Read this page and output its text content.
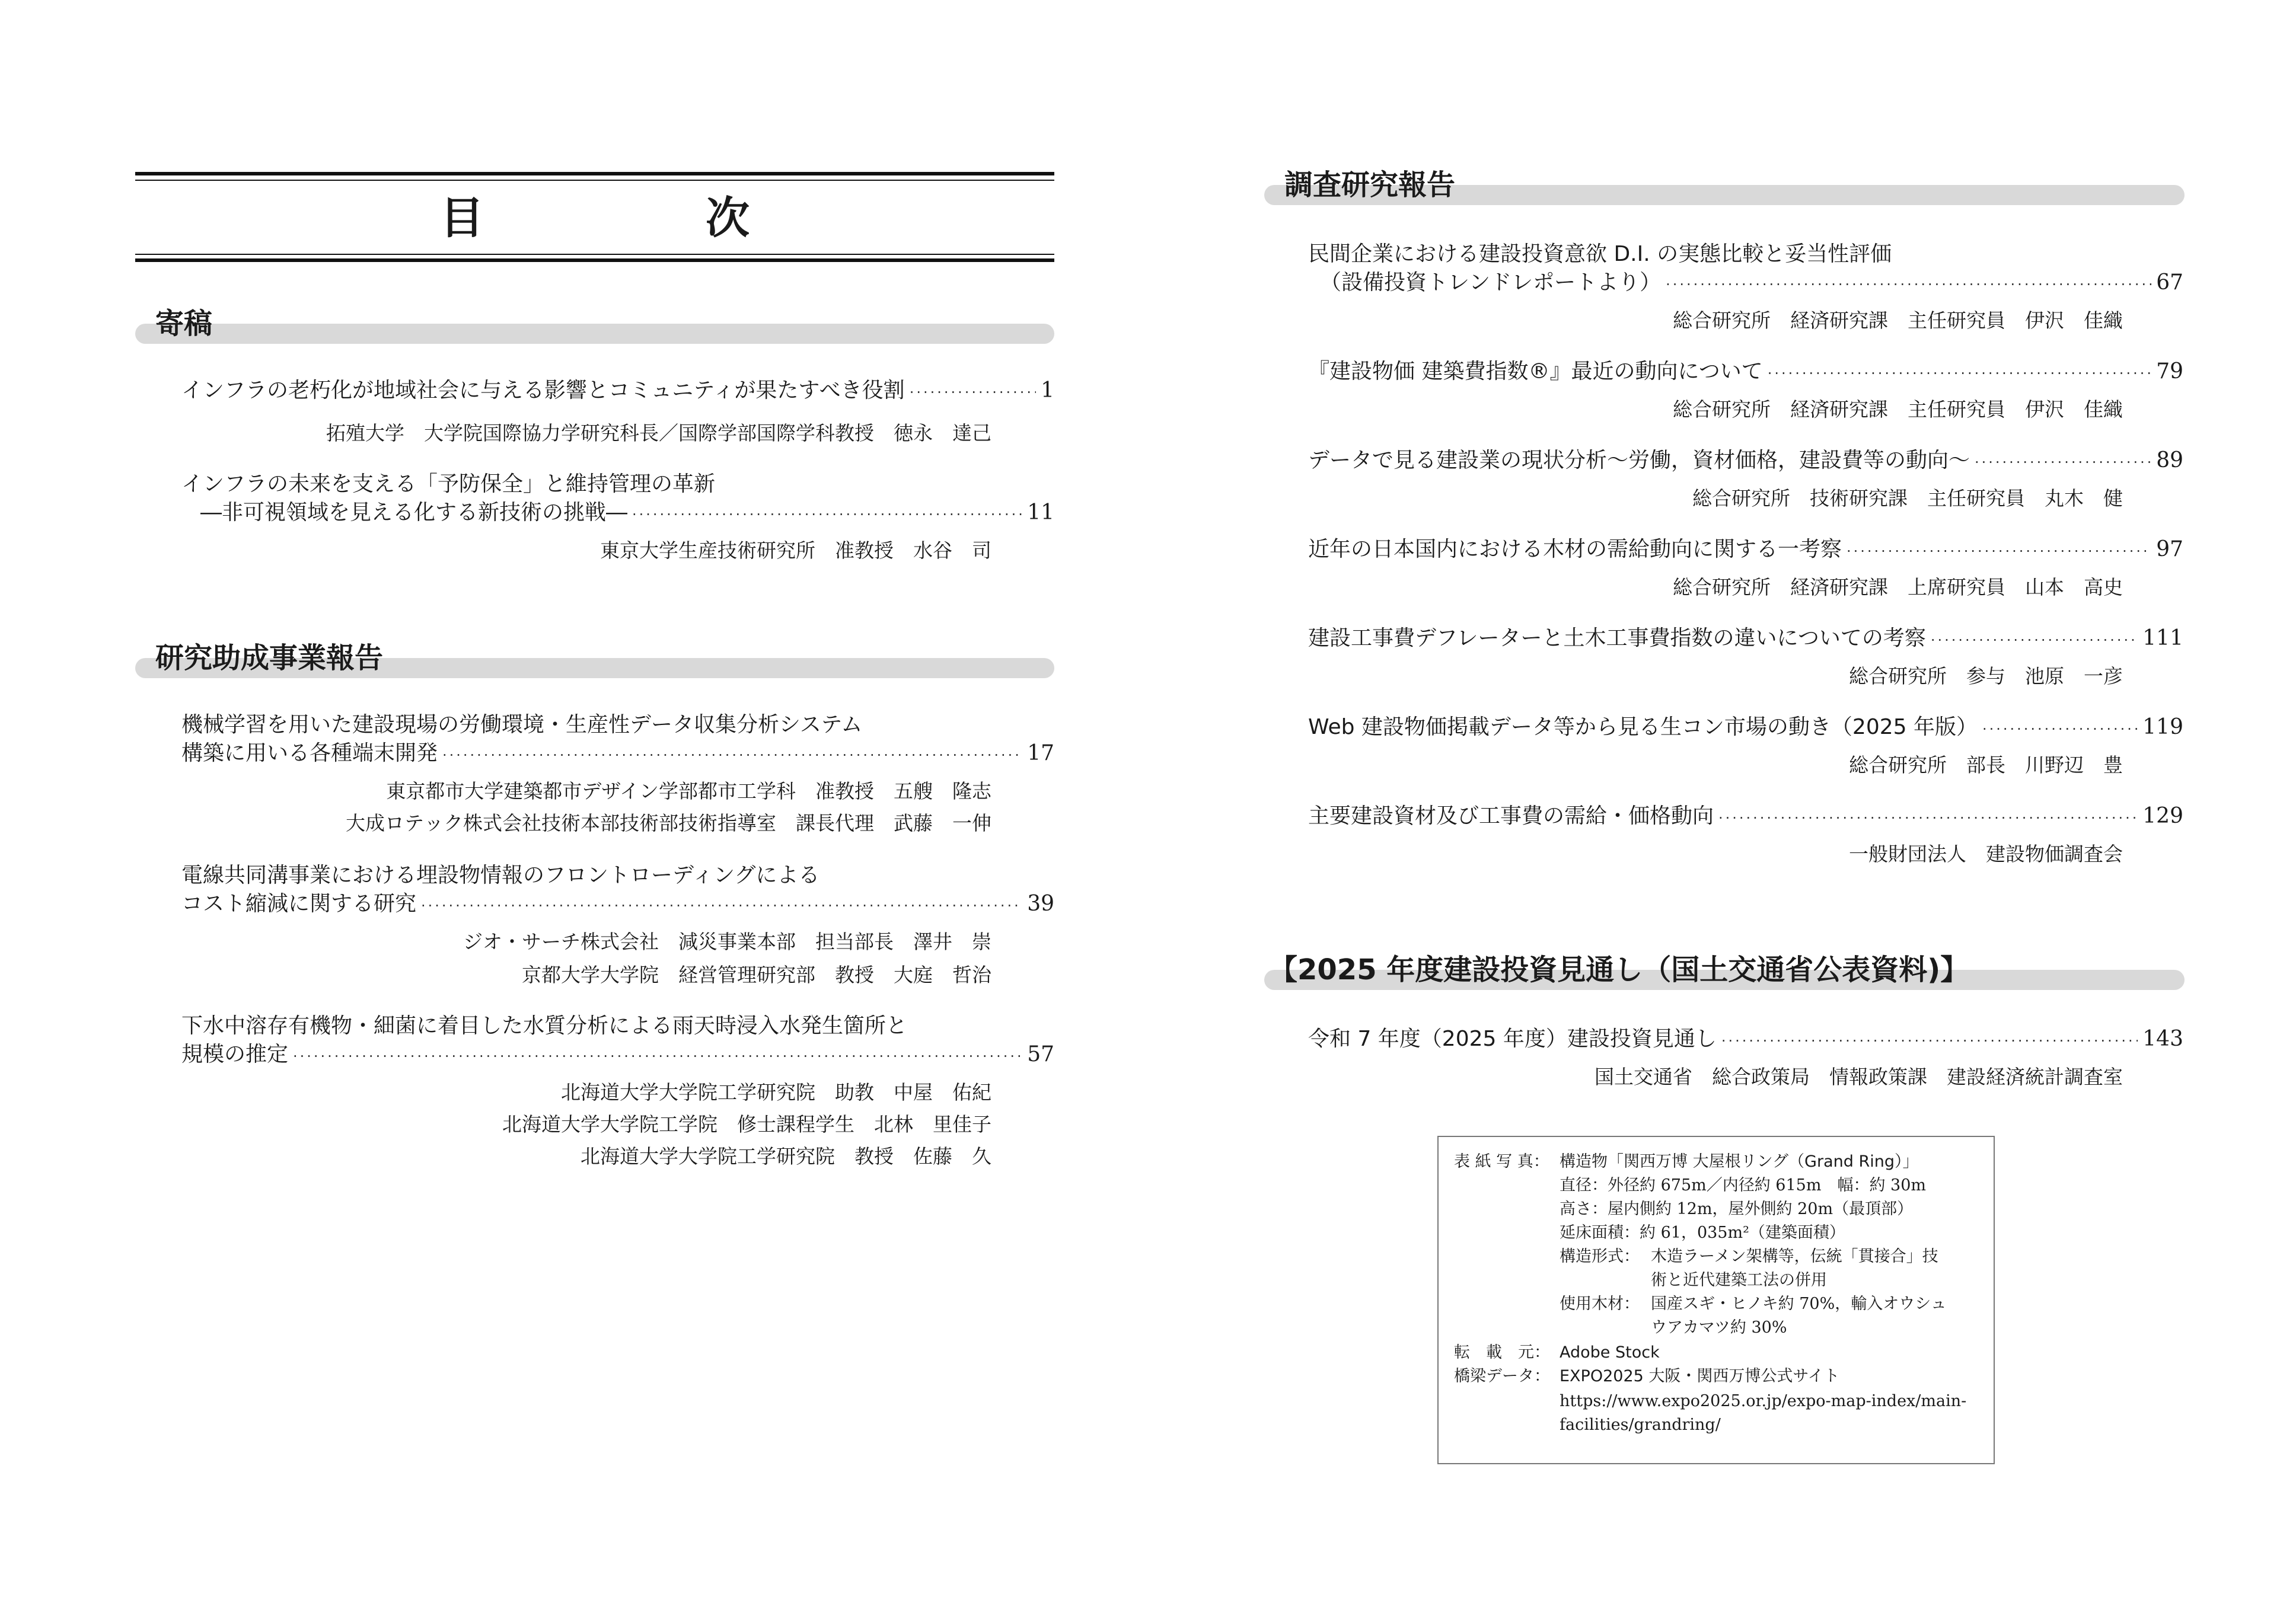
目　次
寄稿
インフラの老朽化が地域社会に与える影響とコミュニティが果たすべき役割 ·····	1
拓殖大学　大学院国際協力学研究科長／国際学部国際学科教授　徳永　達己
インフラの未来を支える「予防保全」と維持管理の革新
―非可視領域を見える化する新技術の挑戦― ·····	11
東京大学生産技術研究所　准教授　水谷　司
研究助成事業報告
機械学習を用いた建設現場の労働環境・生産性データ収集分析システム
構築に用いる各種端末開発 ·····	17
東京都市大学建築都市デザイン学部都市工学科　准教授　五艘　隆志
大成ロテック株式会社技術本部技術部技術指導室　課長代理　武藤　一伸
電線共同溝事業における埋設物情報のフロントローディングによる
コスト縮減に関する研究 ·····	39
ジオ・サーチ株式会社　減災事業本部　担当部長　澤井　崇
京都大学大学院　経営管理研究部　教授　大庭　哲治
下水中溶存有機物・細菌に着目した水質分析による雨天時浸入水発生箇所と
規模の推定 ·····	57
北海道大学大学院工学研究院　助教　中屋　佑紀
北海道大学大学院工学院　修士課程学生　北林　里佳子
北海道大学大学院工学研究院　教授　佐藤　久
調査研究報告
民間企業における建設投資意欲 D.I. の実態比較と妥当性評価
（設備投資トレンドレポートより） ·····	67
総合研究所　経済研究課　主任研究員　伊沢　佳織
『建設物価 建築費指数®』最近の動向について ·····	79
総合研究所　経済研究課　主任研究員　伊沢　佳織
データで見る建設業の現状分析～労働，資材価格，建設費等の動向～ ·····	89
総合研究所　技術研究課　主任研究員　丸木　健
近年の日本国内における木材の需給動向に関する一考察 ·····	97
総合研究所　経済研究課　上席研究員　山本　高史
建設工事費デフレーターと土木工事費指数の違いについての考察 ·····	111
総合研究所　参与　池原　一彦
Web 建設物価掲載データ等から見る生コン市場の動き（2025 年版） ·····	119
総合研究所　部長　川野辺　豊
主要建設資材及び工事費の需給・価格動向 ·····	129
一般財団法人　建設物価調査会
【2025 年度建設投資見通し（国土交通省公表資料)】
令和 7 年度（2025 年度）建設投資見通し ·····	143
国土交通省　総合政策局　情報政策課　建設経済統計調査室
表 紙 写 真： 構造物「関西万博 大屋根リング（Grand Ring）」
直径：外径約 675m／内径約 615m　幅：約 30m
高さ：屋内側約 12m，屋外側約 20m（最頂部）
延床面積：約 61，035m²（建築面積）
構造形式： 木造ラーメン架構等，伝統「貫接合」技
術と近代建築工法の併用
使用木材： 国産スギ・ヒノキ約 70%，輸入オウシュ
ウアカマツ約 30%
転　載　元： Adobe Stock
橋梁データ： EXPO2025 大阪・関西万博公式サイト
https://www.expo2025.or.jp/expo-map-index/main-
facilities/grandring/
